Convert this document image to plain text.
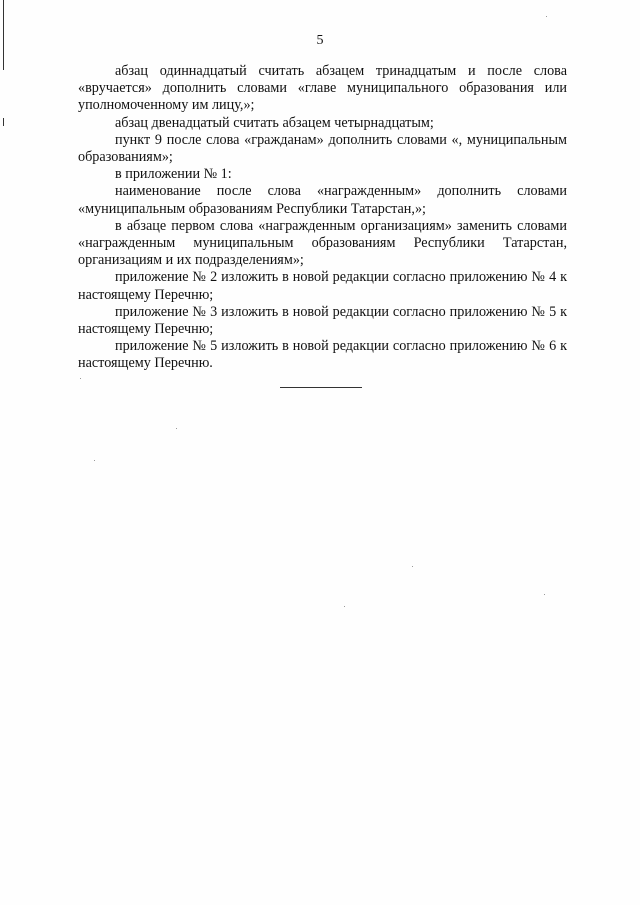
5

абзац одиннадцатый считать абзацем тринадцатым и после слова «вручается» дополнить словами «главе муниципального образования или уполномоченному им лицу,»;

абзац двенадцатый считать абзацем четырнадцатым;

пункт 9 после слова «гражданам» дополнить словами «, муниципальным образованиям»;

в приложении № 1:

наименование после слова «награжденным» дополнить словами «муниципальным образованиям Республики Татарстан,»;

в абзаце первом слова «награжденным организациям» заменить словами «награжденным муниципальным образованиям Республики Татарстан, организациям и их подразделениям»;

приложение № 2 изложить в новой редакции согласно приложению № 4 к настоящему Перечню;

приложение № 3 изложить в новой редакции согласно приложению № 5 к настоящему Перечню;

приложение № 5 изложить в новой редакции согласно приложению № 6 к настоящему Перечню.
